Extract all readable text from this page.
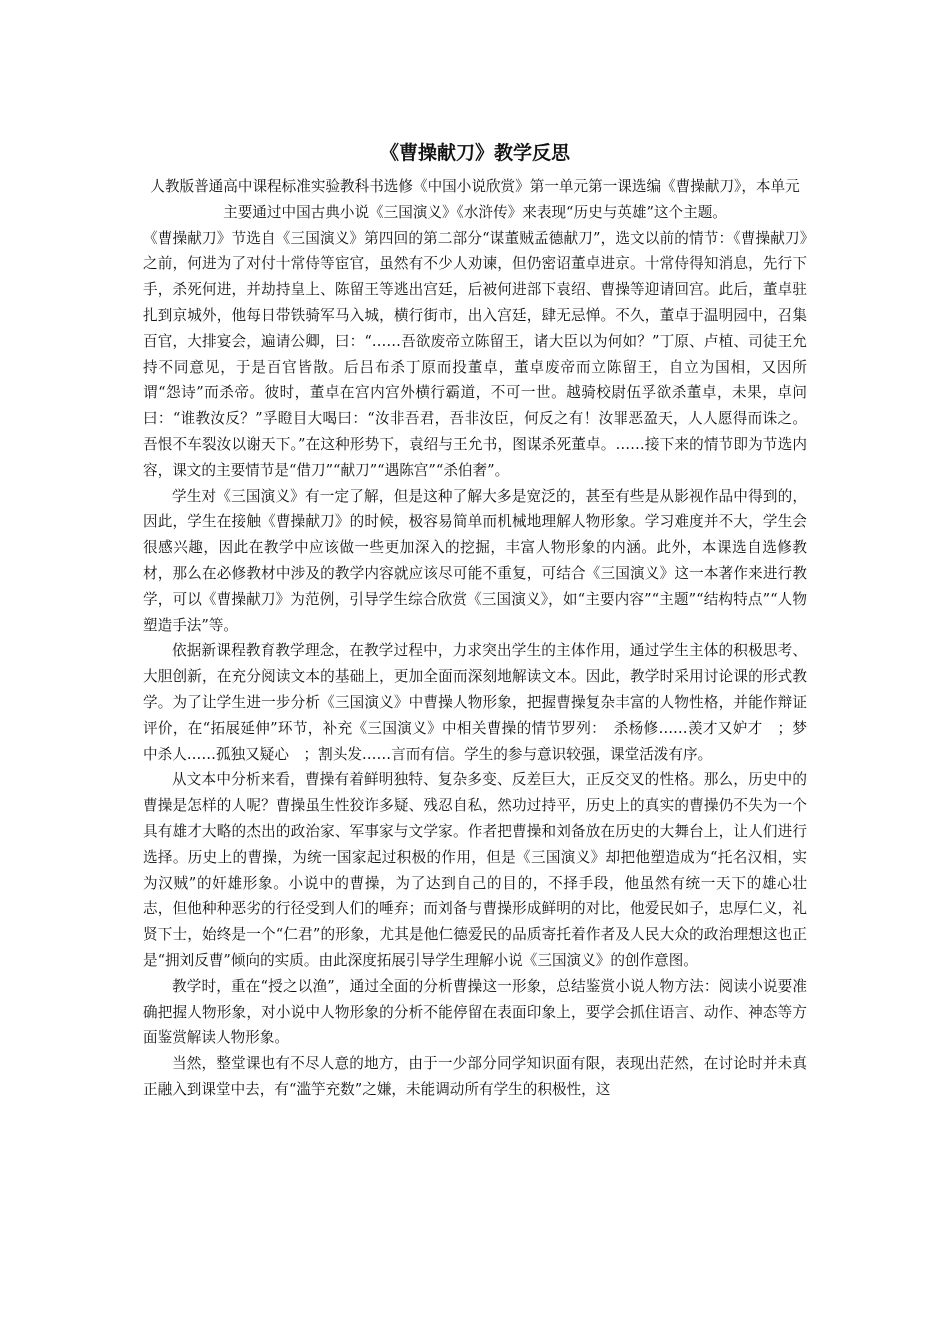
《曹操献刀》教学反思

人教版普通高中课程标准实验教科书选修《中国小说欣赏》第一单元第一课选编《曹操献刀》，本单元主要通过中国古典小说《三国演义》《水浒传》来表现“历史与英雄”这个主题。

《曹操献刀》节选自《三国演义》第四回的第二部分“谋董贼孟德献刀”，选文以前的情节：《曹操献刀》之前，何进为了对付十常侍等宦官，虽然有不少人劝谏，但仍密诏董卓进京。十常侍得知消息，先行下手，杀死何进，并劫持皇上、陈留王等逃出宫廷，后被何进部下袁绍、曹操等迎请回宫。此后，董卓驻扎到京城外，他每日带铁骑军马入城，横行街市，出入宫廷，肆无忌惮。不久，董卓于温明园中，召集百官，大排宴会，遍请公卿，曰：“……吾欲废帝立陈留王，诸大臣以为何如？”丁原、卢植、司徒王允持不同意见，于是百官皆散。后吕布杀丁原而投董卓，董卓废帝而立陈留王，自立为国相，又因所谓“怨诗”而杀帝。彼时，董卓在宫内宫外横行霸道，不可一世。越骑校尉伍孚欲杀董卓，未果，卓问曰：“谁教汝反？”孚瞪目大喝曰：“汝非吾君，吾非汝臣，何反之有！汝罪恶盈天，人人愿得而诛之。吾恨不车裂汝以谢天下。”在这种形势下，袁绍与王允书，图谋杀死董卓。……接下来的情节即为节选内容，课文的主要情节是“借刀”“献刀”“遇陈宫”“杀伯奢”。

学生对《三国演义》有一定了解，但是这种了解大多是宽泛的，甚至有些是从影视作品中得到的，因此，学生在接触《曹操献刀》的时候，极容易简单而机械地理解人物形象。学习难度并不大，学生会很感兴趣，因此在教学中应该做一些更加深入的挖掘，丰富人物形象的内涵。此外，本课选自选修教材，那么在必修教材中涉及的教学内容就应该尽可能不重复，可结合《三国演义》这一本著作来进行教学，可以《曹操献刀》为范例，引导学生综合欣赏《三国演义》，如“主要内容”“主题”“结构特点”“人物塑造手法”等。

依据新课程教育教学理念，在教学过程中，力求突出学生的主体作用，通过学生主体的积极思考、大胆创新，在充分阅读文本的基础上，更加全面而深刻地解读文本。因此，教学时采用讨论课的形式教学。为了让学生进一步分析《三国演义》中曹操人物形象，把握曹操复杂丰富的人物性格，并能作辩证评价，在“拓展延伸”环节，补充《三国演义》中相关曹操的情节罗列：　杀杨修……羡才又妒才　；梦中杀人……孤独又疑心　；割头发……言而有信。学生的参与意识较强，课堂活泼有序。

从文本中分析来看，曹操有着鲜明独特、复杂多变、反差巨大，正反交叉的性格。那么，历史中的曹操是怎样的人呢？曹操虽生性狡诈多疑、残忍自私，然功过持平，历史上的真实的曹操仍不失为一个具有雄才大略的杰出的政治家、军事家与文学家。作者把曹操和刘备放在历史的大舞台上，让人们进行选择。历史上的曹操，为统一国家起过积极的作用，但是《三国演义》却把他塑造成为“托名汉相，实为汉贼”的奸雄形象。小说中的曹操，为了达到自己的目的，不择手段，他虽然有统一天下的雄心壮志，但他种种恶劣的行径受到人们的唾弃；而刘备与曹操形成鲜明的对比，他爱民如子，忠厚仁义，礼贤下士，始终是一个“仁君”的形象，尤其是他仁德爱民的品质寄托着作者及人民大众的政治理想这也正是“拥刘反曹”倾向的实质。由此深度拓展引导学生理解小说《三国演义》的创作意图。

教学时，重在“授之以渔”，通过全面的分析曹操这一形象，总结鉴赏小说人物方法：阅读小说要准确把握人物形象，对小说中人物形象的分析不能停留在表面印象上，要学会抓住语言、动作、神态等方面鉴赏解读人物形象。

当然，整堂课也有不尽人意的地方，由于一少部分同学知识面有限，表现出茫然，在讨论时并未真正融入到课堂中去，有“滥竽充数”之嫌，未能调动所有学生的积极性，这
